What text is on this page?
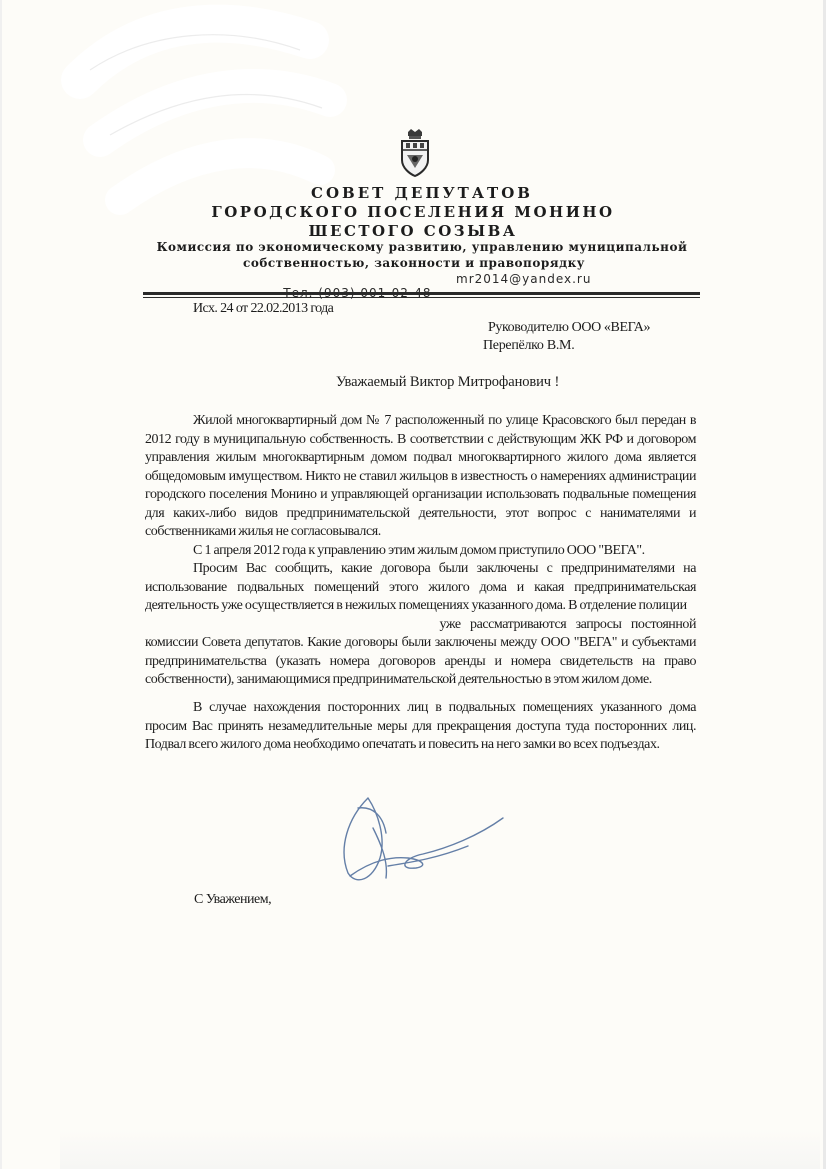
СОВЕТ ДЕПУТАТОВ
ГОРОДСКОГО ПОСЕЛЕНИЯ МОНИНО
ШЕСТОГО СОЗЫВА
Комиссия по экономическому развитию, управлению муниципальной
собственностью, законности и правопорядку

mr2014@yandex.ru

Исх. 24 от 22.02.2013 года
Руководителю ООО «ВЕГА»
Перепёлко В.М.
Уважаемый Виктор Митрофанович !
Жилой многоквартирный дом № 7 расположенный по улице Красовского был передан в 2012 году в муниципальную собственность. В соответствии с действующим ЖК РФ и договором управления жилым многоквартирным домом подвал многоквартирного жилого дома является общедомовым имуществом. Никто не ставил жильцов в известность о намерениях администрации городского поселения Монино и управляющей организации использовать подвальные помещения для каких-либо видов предпринимательской деятельности, этот вопрос с нанимателями и собственниками жилья не согласовывался.
С 1 апреля 2012 года к управлению этим жилым домом приступило ООО "ВЕГА".
Просим Вас сообщить, какие договора были заключены с предпринимателями на использование подвальных помещений этого жилого дома и какая предпринимательская деятельность уже осуществляется в нежилых помещениях указанного дома. В отделение полиции г. Лосино-Петровский и Щёлковская прокуратура уже рассматриваются запросы постоянной комиссии Совета депутатов. Какие договоры были заключены между ООО "ВЕГА" и субъектами предпринимательства (указать номера договоров аренды и номера свидетельств на право собственности), занимающимися предпринимательской деятельностью в этом жилом доме.
В случае нахождения посторонних лиц в подвальных помещениях указанного дома просим Вас принять незамедлительные меры для прекращения доступа туда посторонних лиц. Подвал всего жилого дома необходимо опечатать и повесить на него замки во всех подъездах.
С Уважением,
